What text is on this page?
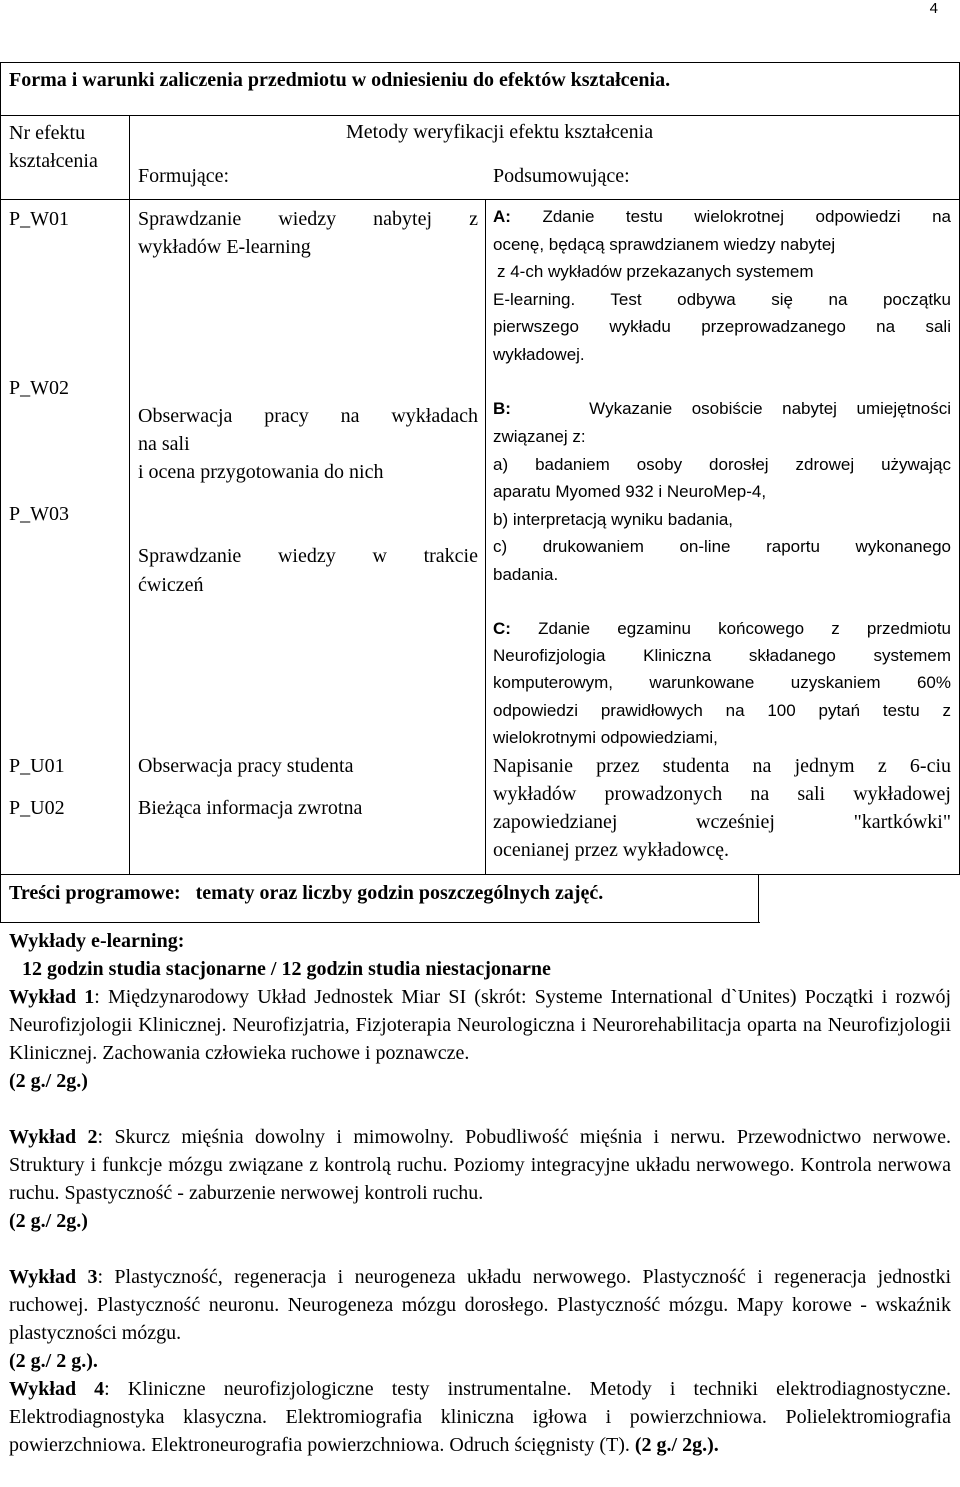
4

Forma i warunki zaliczenia przedmiotu w odniesieniu do efektów kształcenia.

Nr efektu kształcenia

Metody weryfikacji efektu kształcenia

Formujące:	Podsumowujące:

P_W01

P_W02

P_W03

P_U01

P_U02

Sprawdzanie wiedzy nabytej z

wykładów E-learning

Obserwacja pracy na wykładach

na sali

i ocena przygotowania do nich

Sprawdzanie wiedzy w trakcie

ćwiczeń

Obserwacja pracy studenta

Bieżąca informacja zwrotna

A: Zdanie testu wielokrotnej odpowiedzi na

ocenę, będącą sprawdzianem wiedzy nabytej

z 4-ch wykładów przekazanych systemem

E-learning. Test odbywa się na początku

pierwszego wykładu przeprowadzanego na sali

wykładowej.

B:	Wykazanie osobiście nabytej umiejętności

związanej z:

a) badaniem osoby dorosłej zdrowej używając

aparatu Myomed 932 i NeuroMep-4,

b) interpretacją wyniku badania,

c) drukowaniem on-line raportu wykonanego

badania.

C: Zdanie egzaminu końcowego z przedmiotu

Neurofizjologia Kliniczna składanego systemem

komputerowym, warunkowane uzyskaniem 60%

odpowiedzi prawidłowych na 100 pytań testu z

wielokrotnymi odpowiedziami,

Napisanie przez studenta na jednym z 6-ciu

wykładów prowadzonych na sali wykładowej

zapowiedzianej wcześniej "kartkówki"

ocenianej przez wykładowcę.

Treści programowe: tematy oraz liczby godzin poszczególnych zajęć.

Wykłady e-learning:

12 godzin studia stacjonarne / 12 godzin studia niestacjonarne

Wykład 1: Międzynarodowy Układ Jednostek Miar SI (skrót: Systeme International d`Unites) Początki i rozwój Neurofizjologii Klinicznej. Neurofizjatria, Fizjoterapia Neurologiczna i Neurorehabilitacja oparta na Neurofizjologii Klinicznej. Zachowania człowieka ruchowe i poznawcze.
(2 g./ 2g.)

Wykład 2: Skurcz mięśnia dowolny i mimowolny. Pobudliwość mięśnia i nerwu. Przewodnictwo nerwowe. Struktury i funkcje mózgu związane z kontrolą ruchu. Poziomy integracyjne układu nerwowego. Kontrola nerwowa ruchu. Spastyczność - zaburzenie nerwowej kontroli ruchu.
(2 g./ 2g.)

Wykład 3: Plastyczność, regeneracja i neurogeneza układu nerwowego. Plastyczność i regeneracja jednostki ruchowej. Plastyczność neuronu. Neurogeneza mózgu dorosłego. Plastyczność mózgu. Mapy korowe - wskaźnik plastyczności mózgu.
(2 g./ 2 g.).

Wykład 4: Kliniczne neurofizjologiczne testy instrumentalne. Metody i techniki elektrodiagnostyczne. Elektrodiagnostyka klasyczna. Elektromiografia kliniczna igłowa i powierzchniowa. Polielektromiografia powierzchniowa. Elektroneurografia powierzchniowa. Odruch ścięgnisty (T). (2 g./ 2g.).
